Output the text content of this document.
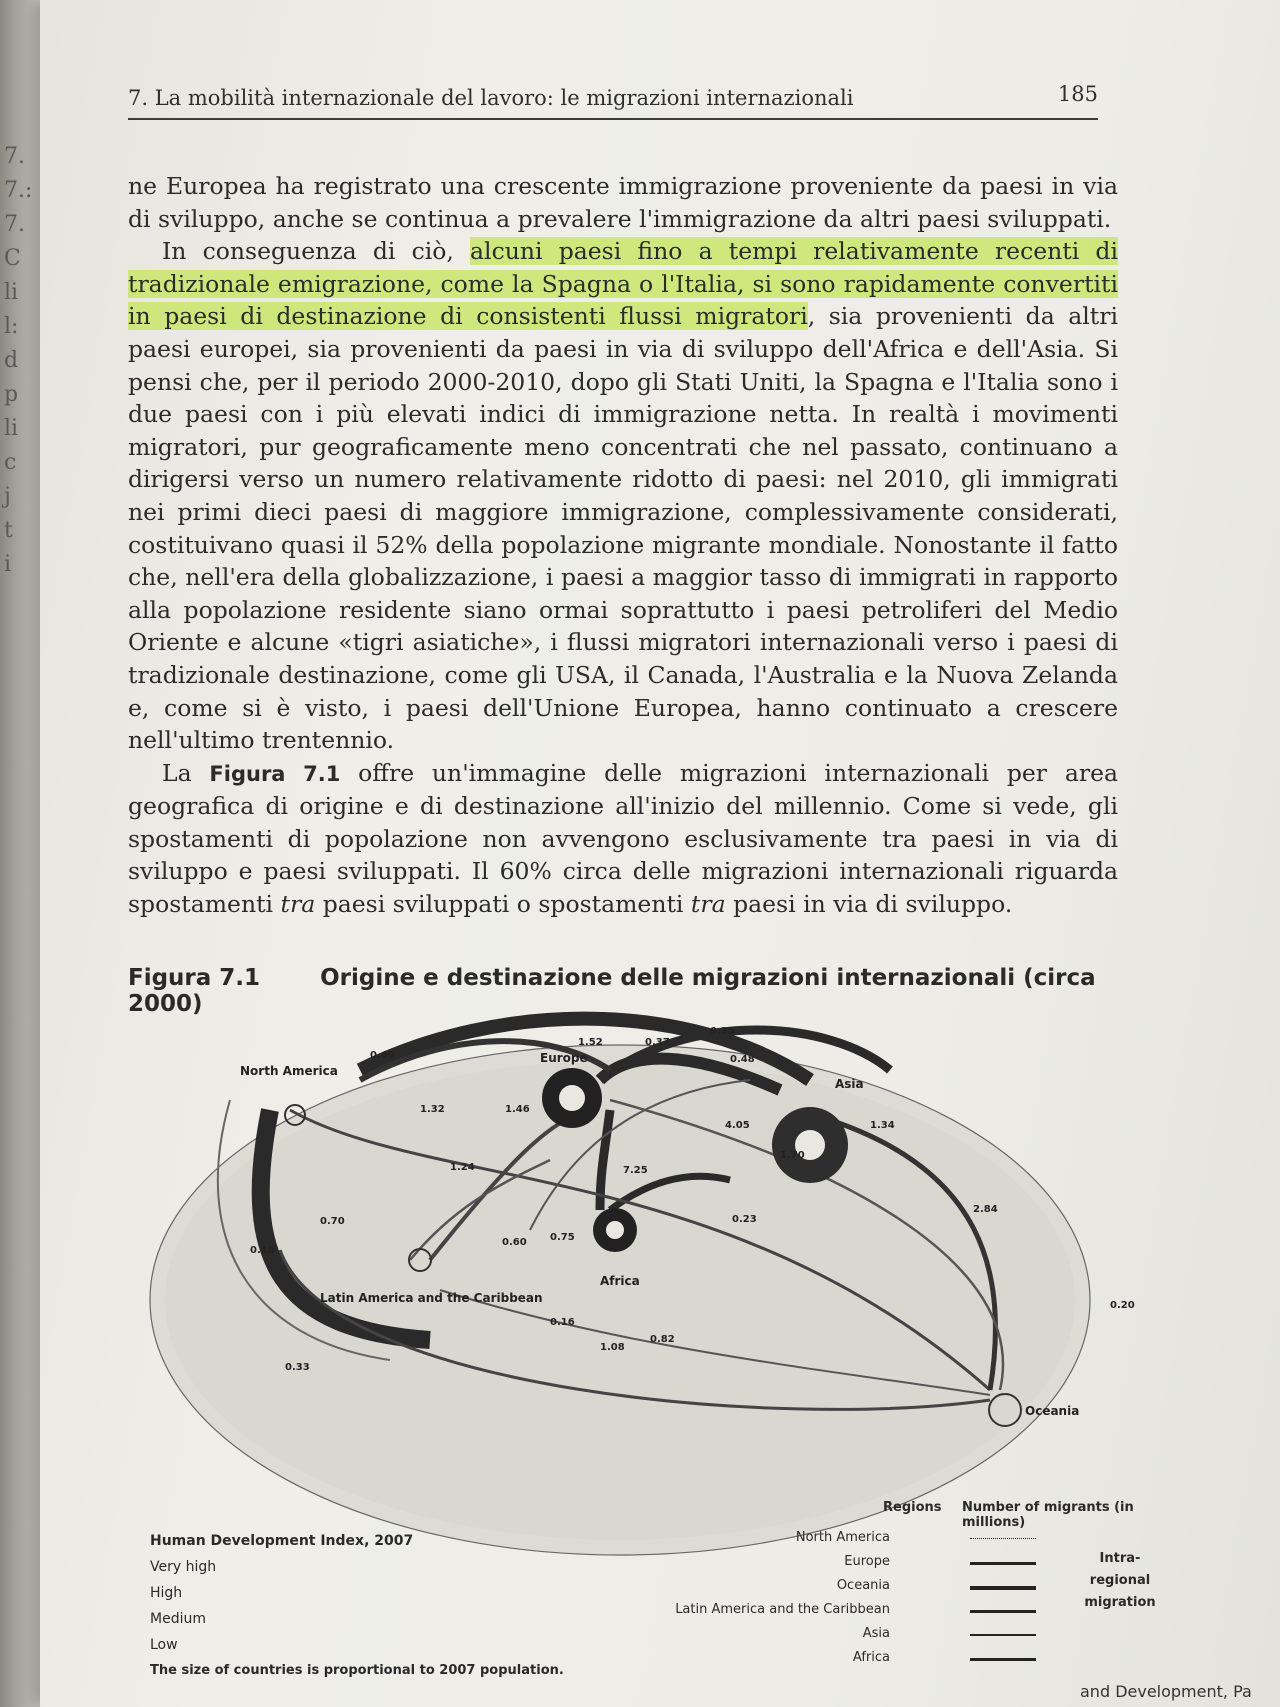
7.
7.:
7.
C
li
l:
d
p
li
c
j
t
i
7. La mobilità internazionale del lavoro: le migrazioni internazionali	185

ne Europea ha registrato una crescente immigrazione proveniente da paesi in via di sviluppo, anche se continua a prevalere l'immigrazione da altri paesi sviluppati.

In conseguenza di ciò, alcuni paesi fino a tempi relativamente recenti di tradizionale emigrazione, come la Spagna o l'Italia, si sono rapidamente convertiti in paesi di destinazione di consistenti flussi migratori, sia provenienti da altri paesi europei, sia provenienti da paesi in via di sviluppo dell'Africa e dell'Asia. Si pensi che, per il periodo 2000-2010, dopo gli Stati Uniti, la Spagna e l'Italia sono i due paesi con i più elevati indici di immigrazione netta. In realtà i movimenti migratori, pur geograficamente meno concentrati che nel passato, continuano a dirigersi verso un numero relativamente ridotto di paesi: nel 2010, gli immigrati nei primi dieci paesi di maggiore immigrazione, complessivamente considerati, costituivano quasi il 52% della popolazione migrante mondiale. Nonostante il fatto che, nell'era della globalizzazione, i paesi a maggior tasso di immigrati in rapporto alla popolazione residente siano ormai soprattutto i paesi petroliferi del Medio Oriente e alcune «tigri asiatiche», i flussi migratori internazionali verso i paesi di tradizionale destinazione, come gli USA, il Canada, l'Australia e la Nuova Zelanda e, come si è visto, i paesi dell'Unione Europea, hanno continuato a crescere nell'ultimo trentennio.

La Figura 7.1 offre un'immagine delle migrazioni internazionali per area geografica di origine e di destinazione all'inizio del millennio. Come si vede, gli spostamenti di popolazione non avvengono esclusivamente tra paesi in via di sviluppo e paesi sviluppati. Il 60% circa delle migrazioni internazionali riguarda spostamenti tra paesi sviluppati o spostamenti tra paesi in via di sviluppo.

Figura 7.1	Origine e destinazione delle migrazioni internazionali (circa 2000)
North America
Europe
Asia
Latin America and the Caribbean
Africa
Oceania
0.35
1.52	0.37
0.48
0.40
1.34
4.05
1.32	1.46
1.70
1.24	7.25
0.23
0.70
0.75
0.60
0.16
0.18
2.84
0.20
0.82
1.08
0.33
Human Development Index, 2007
Very high
High
Medium
Low
The size of countries is proportional to 2007 population.
Regions Number of migrants (in millions)
North America
Europe
Oceania
Latin America and the Caribbean
Asia
Africa
Intra-
regional
migration
and Development, Pa
